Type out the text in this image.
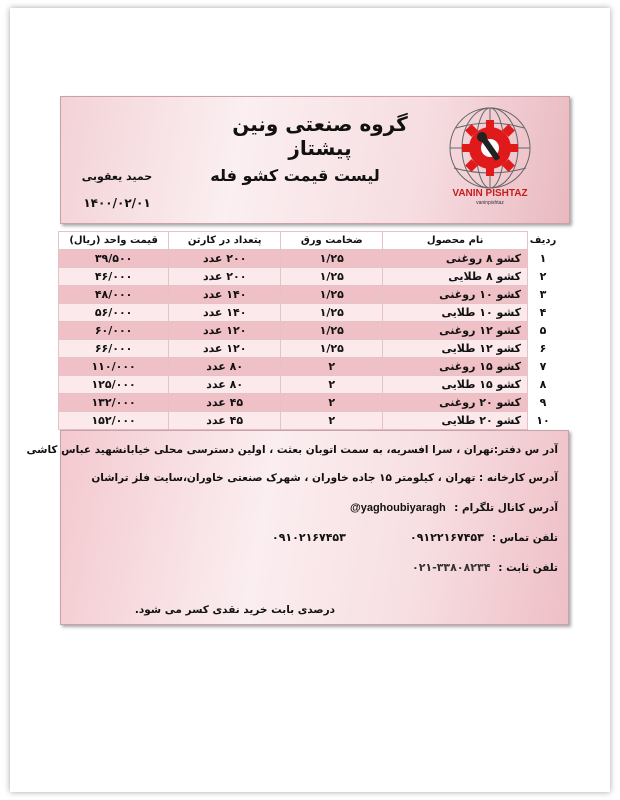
VANIN PISHTAZ
vaninpishtaz
گروه صنعتی ونین پیشتاز
لیست قیمت کشو فله
حمید یعقوبی
۱۴۰۰/۰۲/۰۱
ردیف	نام محصول	ضخامت ورق	پتعداد در کارتن	قیمت واحد (ریال)
۱	کشو ۸ روغنی	۱/۲۵	۲۰۰ عدد	۳۹/۵۰۰
۲	کشو ۸ طلایی	۱/۲۵	۲۰۰ عدد	۴۶/۰۰۰
۳	کشو ۱۰ روغنی	۱/۲۵	۱۴۰ عدد	۴۸/۰۰۰
۴	کشو ۱۰ طلایی	۱/۲۵	۱۴۰ عدد	۵۶/۰۰۰
۵	کشو ۱۲ روغنی	۱/۲۵	۱۲۰ عدد	۶۰/۰۰۰
۶	کشو ۱۲ طلایی	۱/۲۵	۱۲۰ عدد	۶۶/۰۰۰
۷	کشو ۱۵ روغنی	۲	۸۰ عدد	۱۱۰/۰۰۰
۸	کشو ۱۵ طلایی	۲	۸۰ عدد	۱۲۵/۰۰۰
۹	کشو ۲۰ روغنی	۲	۴۵ عدد	۱۳۲/۰۰۰
۱۰	کشو ۲۰ طلایی	۲	۴۵ عدد	۱۵۲/۰۰۰
آدر س دفتر:تهران ، سرا افسریه، به سمت اتوبان بعثت ، اولین دسترسی محلی خیابانشهید عباس کاشی
آدرس کارخانه : تهران ، کیلومتر ۱۵ جاده خاوران ، شهرک صنعتی خاوران،سایت فلز تراشان
آدرس کانال تلگرام :
@yaghoubiyaragh
تلفن تماس :
۰۹۱۲۲۱۶۷۴۵۳
۰۹۱۰۲۱۶۷۴۵۳
تلفن ثابت :
۰۲۱-۳۳۸۰۸۲۳۴
درصدی بابت خرید نقدی کسر می شود.
